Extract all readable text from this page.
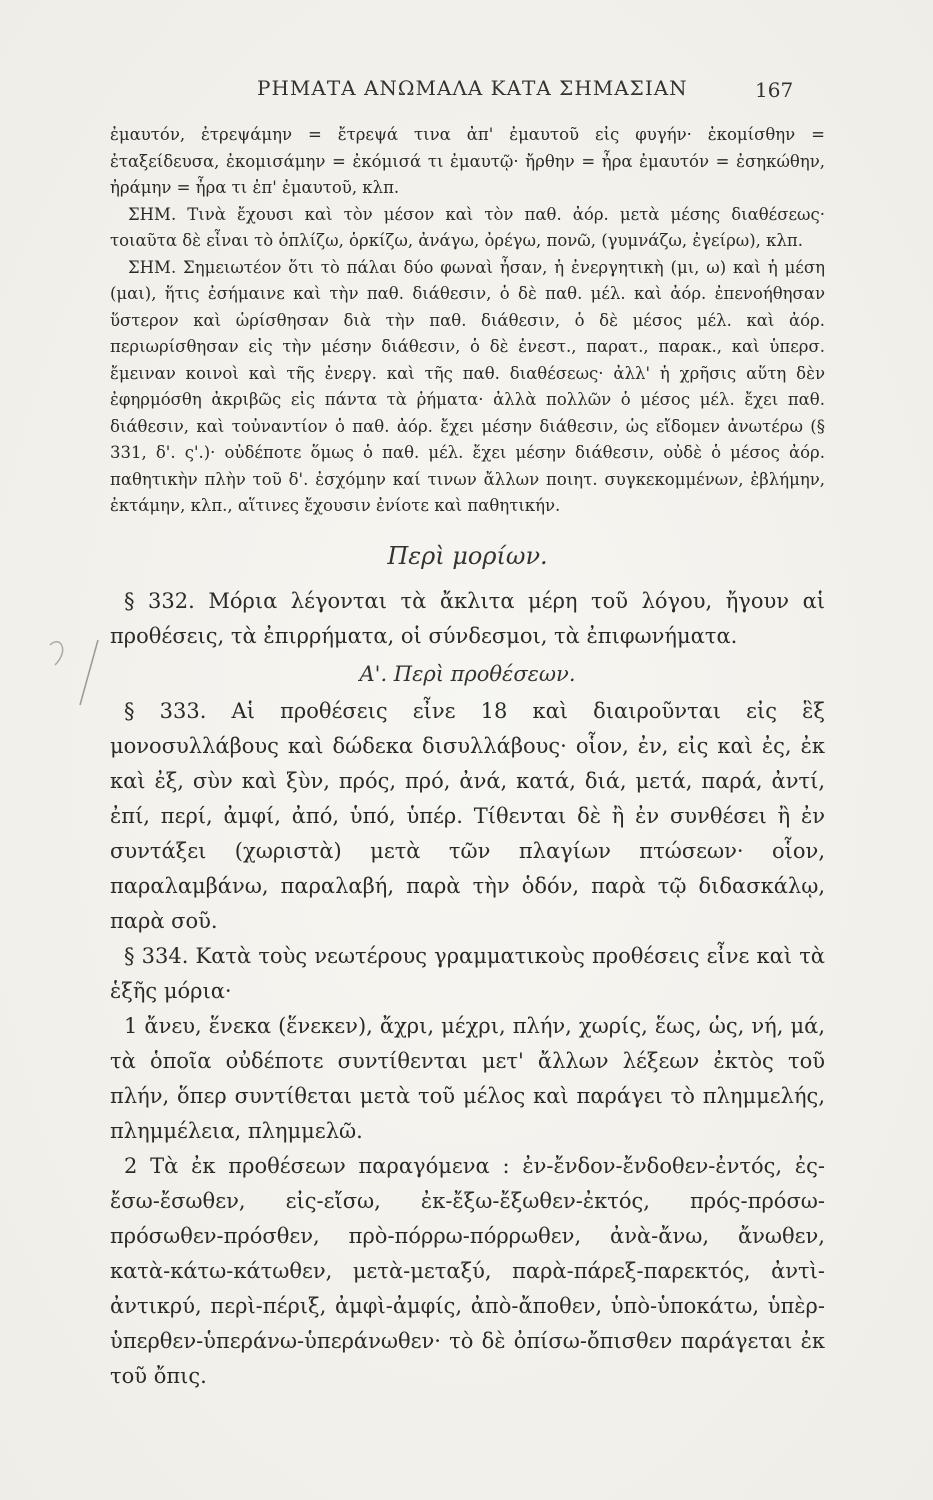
ΡΗΜΑΤΑ ΑΝΩΜΑΛΑ ΚΑΤΑ ΣΗΜΑΣΙΑΝ	167

ἐμαυτόν, ἐτρεψάμην = ἔτρεψά τινα ἀπ' ἐμαυτοῦ εἰς φυγήν· ἐκομίσθην = ἐταξείδευσα, ἐκομισάμην = ἐκόμισά τι ἐμαυτῷ· ἤρθην = ἦρα ἐμαυτόν = ἐσηκώθην, ἠράμην = ἦρα τι ἐπ' ἐμαυτοῦ, κλπ.

ΣΗΜ. Τινὰ ἔχουσι καὶ τὸν μέσον καὶ τὸν παθ. ἀόρ. μετὰ μέσης διαθέσεως· τοιαῦτα δὲ εἶναι τὸ ὁπλίζω, ὁρκίζω, ἀνάγω, ὀρέγω, πονῶ, (γυμνάζω, ἐγείρω), κλπ.

ΣΗΜ. Σημειωτέον ὅτι τὸ πάλαι δύο φωναὶ ἦσαν, ἡ ἐνεργητικὴ (μι, ω) καὶ ἡ μέση (μαι), ἥτις ἐσήμαινε καὶ τὴν παθ. διάθεσιν, ὁ δὲ παθ. μέλ. καὶ ἀόρ. ἐπενοήθησαν ὕστερον καὶ ὡρίσθησαν διὰ τὴν παθ. διάθεσιν, ὁ δὲ μέσος μέλ. καὶ ἀόρ. περιωρίσθησαν εἰς τὴν μέσην διάθεσιν, ὁ δὲ ἐνεστ., παρατ., παρακ., καὶ ὑπερσ. ἔμειναν κοινοὶ καὶ τῆς ἐνεργ. καὶ τῆς παθ. διαθέσεως· ἀλλ' ἡ χρῆσις αὕτη δὲν ἐφηρμόσθη ἀκριβῶς εἰς πάντα τὰ ῥήματα· ἀλλὰ πολλῶν ὁ μέσος μέλ. ἔχει παθ. διάθεσιν, καὶ τοὐναντίον ὁ παθ. ἀόρ. ἔχει μέσην διάθεσιν, ὡς εἴδομεν ἀνωτέρω (§ 331, δ'. ς'.)· οὐδέποτε ὅμως ὁ παθ. μέλ. ἔχει μέσην διάθεσιν, οὐδὲ ὁ μέσος ἀόρ. παθητικὴν πλὴν τοῦ δ'. ἐσχόμην καί τινων ἄλλων ποιητ. συγκεκομμένων, ἐβλήμην, ἐκτάμην, κλπ., αἵτινες ἔχουσιν ἐνίοτε καὶ παθητικήν.

Περὶ μορίων.

§ 332. Μόρια λέγονται τὰ ἄκλιτα μέρη τοῦ λόγου, ἤγουν αἱ προθέσεις, τὰ ἐπιρρήματα, οἱ σύνδεσμοι, τὰ ἐπιφωνήματα.

Α'. Περὶ προθέσεων.

§ 333. Αἱ προθέσεις εἶνε 18 καὶ διαιροῦνται εἰς ἓξ μονοσυλλάβους καὶ δώδεκα δισυλλάβους· οἷον, ἐν, εἰς καὶ ἐς, ἐκ καὶ ἐξ, σὺν καὶ ξὺν, πρός, πρό, ἀνά, κατά, διά, μετά, παρά, ἀντί, ἐπί, περί, ἀμφί, ἀπό, ὑπό, ὑπέρ. Τίθενται δὲ ἢ ἐν συνθέσει ἢ ἐν συντάξει (χωριστὰ) μετὰ τῶν πλαγίων πτώσεων· οἷον, παραλαμβάνω, παραλαβή, παρὰ τὴν ὁδόν, παρὰ τῷ διδασκάλῳ, παρὰ σοῦ.

§ 334. Κατὰ τοὺς νεωτέρους γραμματικοὺς προθέσεις εἶνε καὶ τὰ ἑξῆς μόρια·

1 ἄνευ, ἕνεκα (ἕνεκεν), ἄχρι, μέχρι, πλήν, χωρίς, ἕως, ὡς, νή, μά, τὰ ὁποῖα οὐδέποτε συντίθενται μετ' ἄλλων λέξεων ἐκτὸς τοῦ πλήν, ὅπερ συντίθεται μετὰ τοῦ μέλος καὶ παράγει τὸ πλημμελής, πλημμέλεια, πλημμελῶ.

2 Τὰ ἐκ προθέσεων παραγόμενα : ἐν-ἔνδον-ἔνδοθεν-ἐντός, ἐς-ἔσω-ἔσωθεν, εἰς-εἴσω, ἐκ-ἔξω-ἔξωθεν-ἐκτός, πρός-πρόσω-πρόσωθεν-πρόσθεν, πρὸ-πόρρω-πόρρωθεν, ἀνὰ-ἄνω, ἄνωθεν, κατὰ-κάτω-κάτωθεν, μετὰ-μεταξύ, παρὰ-πάρεξ-παρεκτός, ἀντὶ-ἀντικρύ, περὶ-πέριξ, ἀμφὶ-ἀμφίς, ἀπὸ-ἄποθεν, ὑπὸ-ὑποκάτω, ὑπὲρ-ὑπερθεν-ὑπεράνω-ὑπεράνωθεν· τὸ δὲ ὀπίσω-ὄπισθεν παράγεται ἐκ τοῦ ὄπις.
